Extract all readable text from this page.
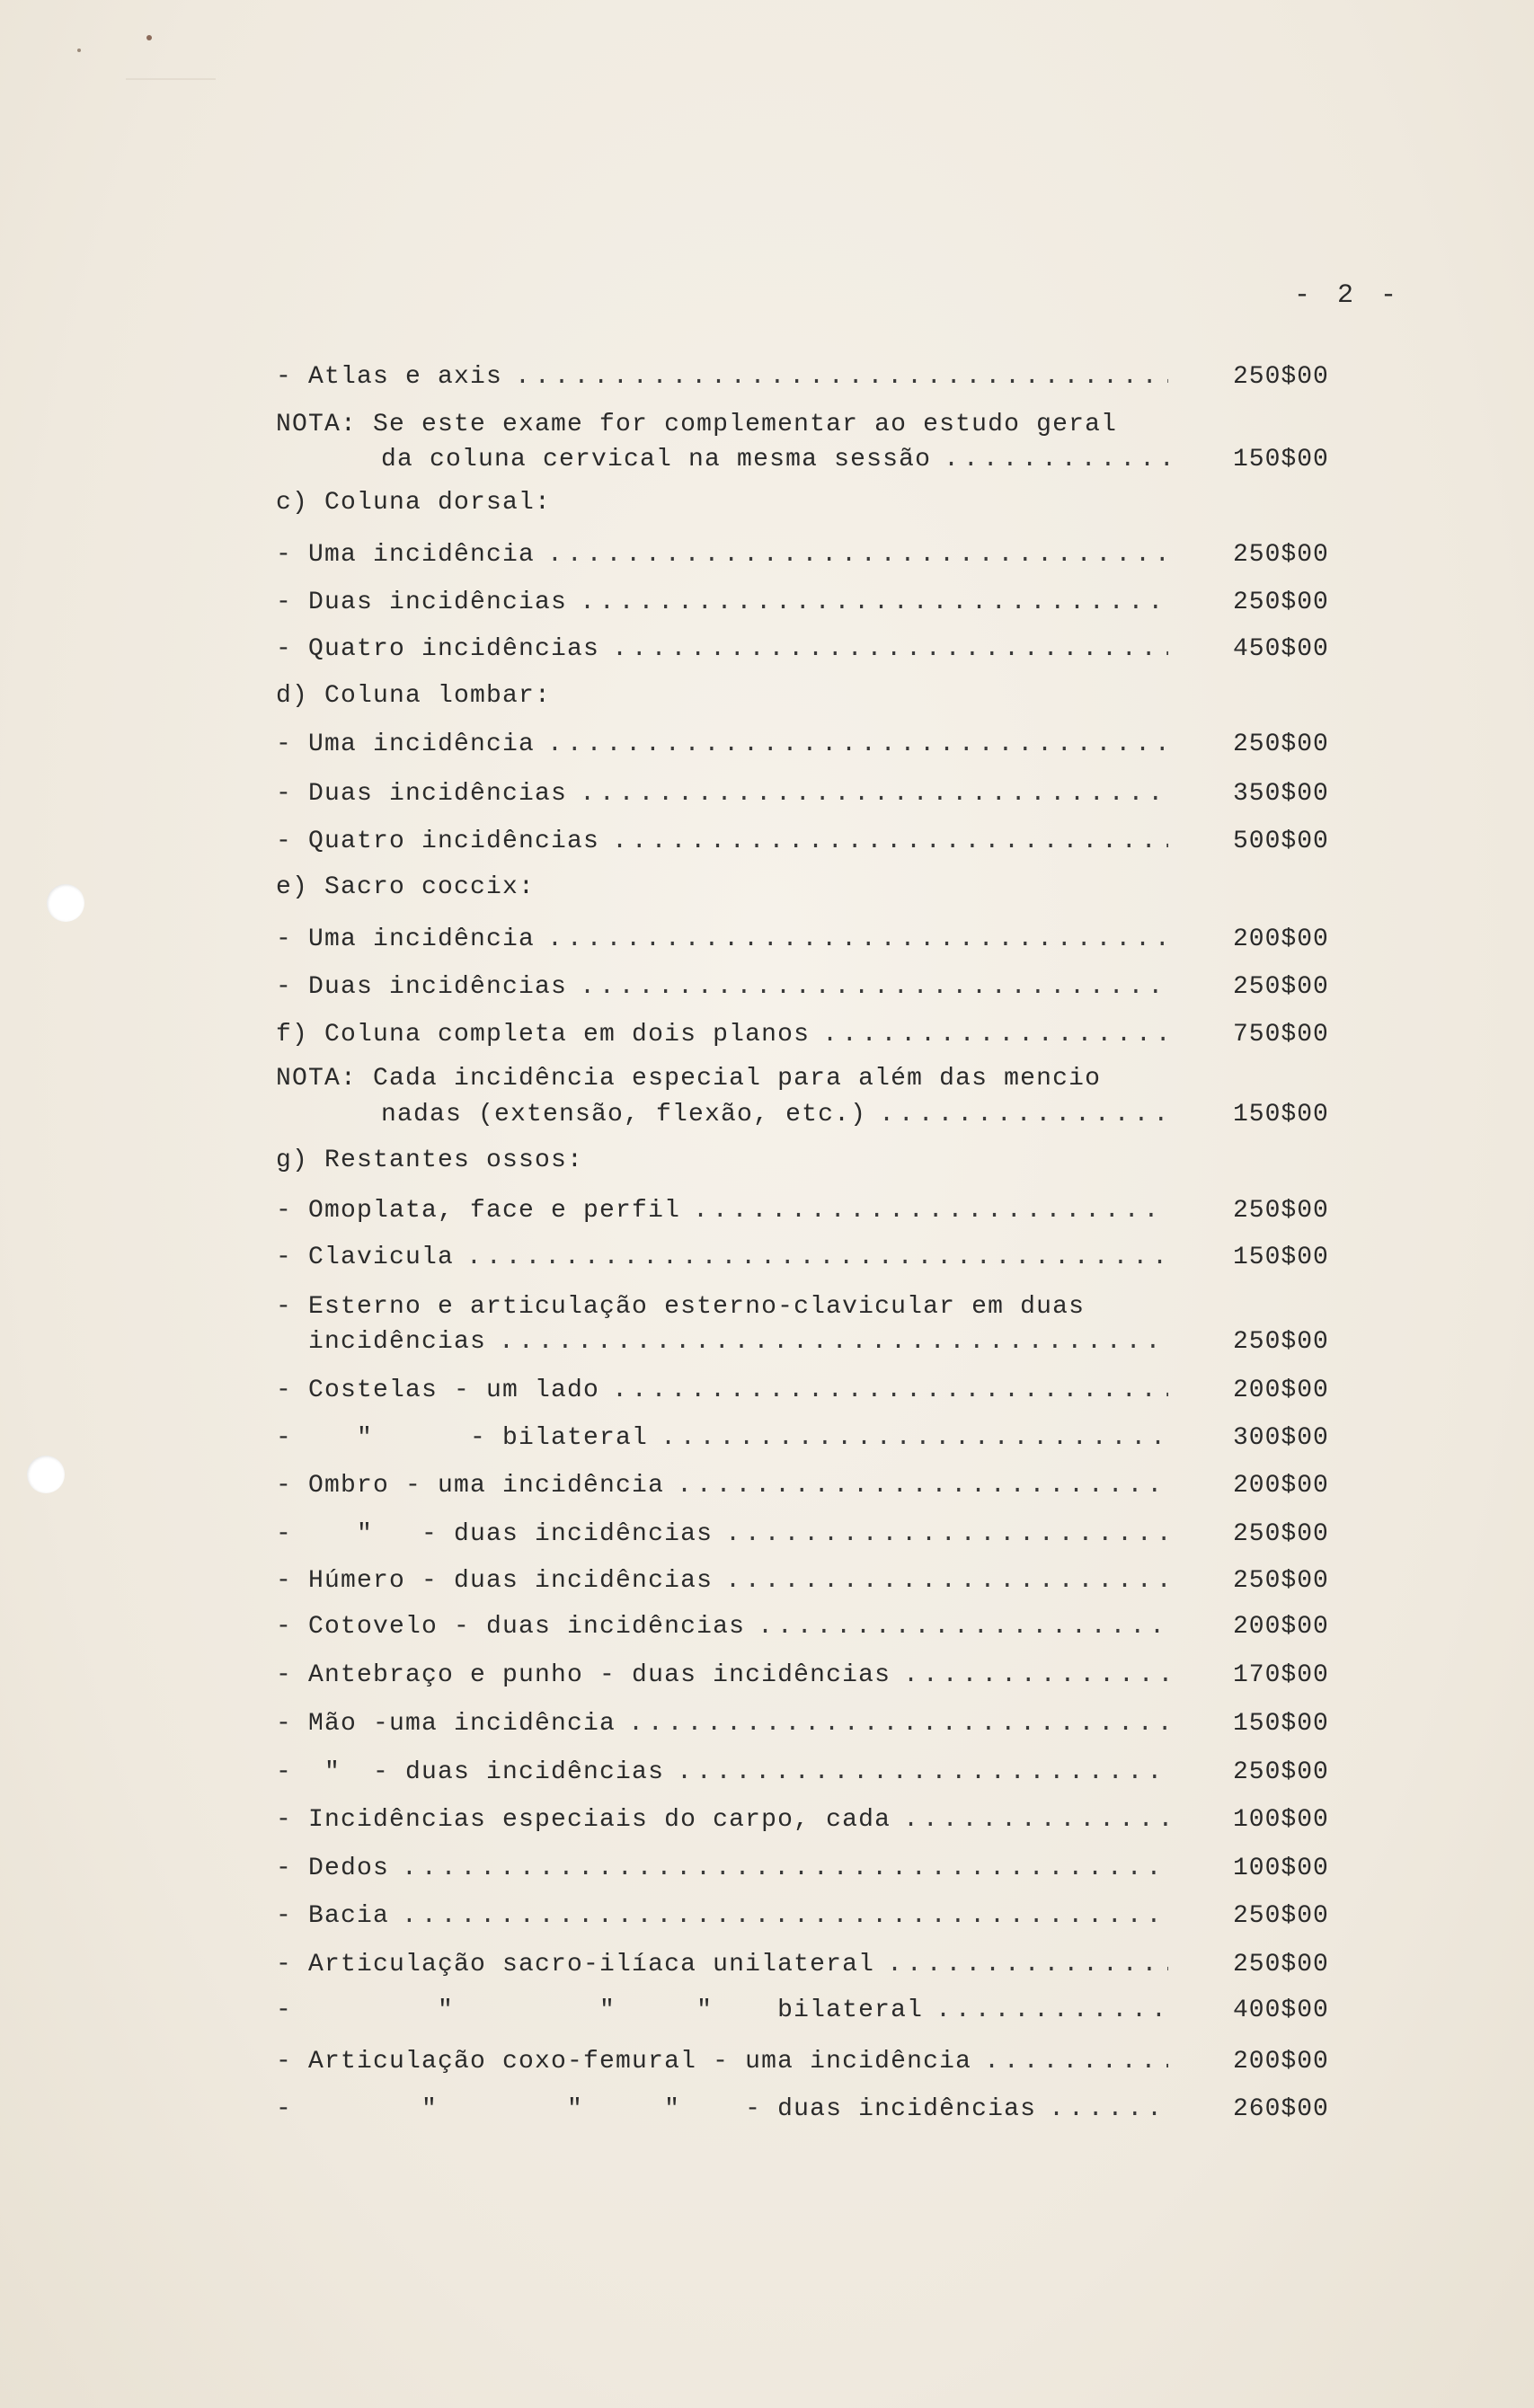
- 2 -
- Atlas e axis .....	250$00
NOTA: Se este exame for complementar ao estudo geral
da coluna cervical na mesma sessão .....	150$00
c) Coluna dorsal:
- Uma incidência .....	250$00
- Duas incidências .....	250$00
- Quatro incidências .....	450$00
d) Coluna lombar:
- Uma incidência .....	250$00
- Duas incidências .....	350$00
- Quatro incidências .....	500$00
e) Sacro coccix:
- Uma incidência .....	200$00
- Duas incidências .....	250$00
f) Coluna completa em dois planos .....	750$00
NOTA: Cada incidência especial para além das mencio
nadas (extensão, flexão, etc.) .....	150$00
g) Restantes ossos:
- Omoplata, face e perfil .....	250$00
- Clavicula .....	150$00
- Esterno e articulação esterno-clavicular em duas
incidências .....	250$00
- Costelas - um lado .....	200$00
-    "      - bilateral .....	300$00
- Ombro - uma incidência .....	200$00
-    "   - duas incidências .....	250$00
- Húmero - duas incidências .....	250$00
- Cotovelo - duas incidências .....	200$00
- Antebraço e punho - duas incidências .....	170$00
- Mão -uma incidência .....	150$00
-  "  - duas incidências .....	250$00
- Incidências especiais do carpo, cada .....	100$00
- Dedos .....	100$00
- Bacia .....	250$00
- Articulação sacro-ilíaca unilateral .....	250$00
-         "         "     "    bilateral .....	400$00
- Articulação coxo-femural - uma incidência .....	200$00
-        "        "     "    - duas incidências .....	260$00
